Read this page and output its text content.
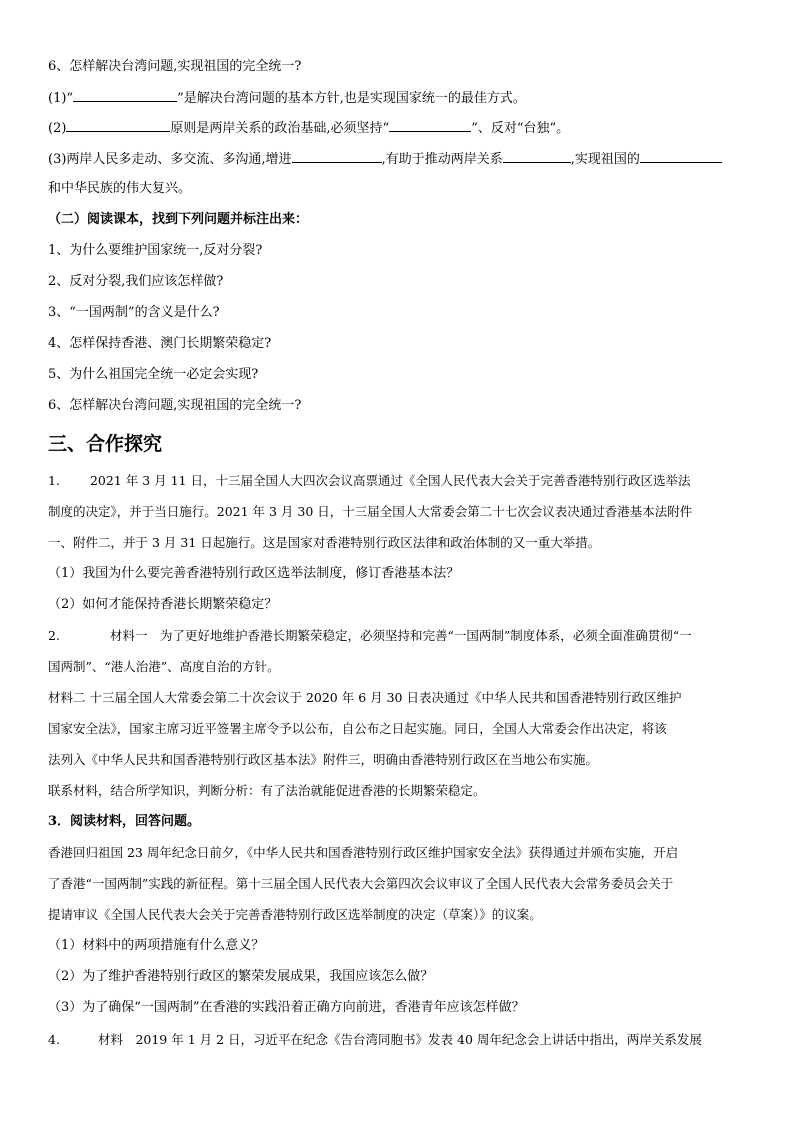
6、怎样解决台湾问题,实现祖国的完全统一?
(1)“	”是解决台湾问题的基本方针,也是实现国家统一的最佳方式。
(2)	原则是两岸关系的政治基础,必须坚持“	”、反对“台独”。
(3)两岸人民多走动、多交流、多沟通,增进	,有助于推动两岸关系	,实现祖国的
和中华民族的伟大复兴。
（二）阅读课本，找到下列问题并标注出来：
1、为什么要维护国家统一,反对分裂?
2、反对分裂,我们应该怎样做?
3、“一国两制”的含义是什么?
4、怎样保持香港、澳门长期繁荣稳定?
5、为什么祖国完全统一必定会实现?
6、怎样解决台湾问题,实现祖国的完全统一?
三、合作探究
1. 2021 年 3 月 11 日，十三届全国人大四次会议高票通过《全国人民代表大会关于完善香港特别行政区选举法
制度的决定》，并于当日施行。2021 年 3 月 30 日，十三届全国人大常委会第二十七次会议表决通过香港基本法附件
一、附件二，并于 3 月 31 日起施行。这是国家对香港特别行政区法律和政治体制的又一重大举措。
（1）我国为什么要完善香港特别行政区选举法制度，修订香港基本法？
（2）如何才能保持香港长期繁荣稳定？
2.	材料一　为了更好地维护香港长期繁荣稳定，必须坚持和完善“一国两制”制度体系，必须全面准确贯彻“一
国两制”、“港人治港”、高度自治的方针。
材料二 十三届全国人大常委会第二十次会议于 2020 年 6 月 30 日表决通过《中华人民共和国香港特别行政区维护
国家安全法》，国家主席习近平签署主席令予以公布，自公布之日起实施。同日，全国人大常委会作出决定，将该
法列入《中华人民共和国香港特别行政区基本法》附件三，明确由香港特别行政区在当地公布实施。
联系材料，结合所学知识，判断分析：有了法治就能促进香港的长期繁荣稳定。
3．阅读材料，回答问题。
香港回归祖国 23 周年纪念日前夕，《中华人民共和国香港特别行政区维护国家安全法》获得通过并颁布实施，开启
了香港“一国两制”实践的新征程。第十三届全国人民代表大会第四次会议审议了全国人民代表大会常务委员会关于
提请审议《全国人民代表大会关于完善香港特别行政区选举制度的决定（草案）》的议案。
（1）材料中的两项措施有什么意义？
（2）为了维护香港特别行政区的繁荣发展成果，我国应该怎么做？
（3）为了确保“一国两制”在香港的实践沿着正确方向前进，香港青年应该怎样做？
4.	材料　2019 年 1 月 2 日，习近平在纪念《告台湾同胞书》发表 40 周年纪念会上讲话中指出，两岸关系发展
